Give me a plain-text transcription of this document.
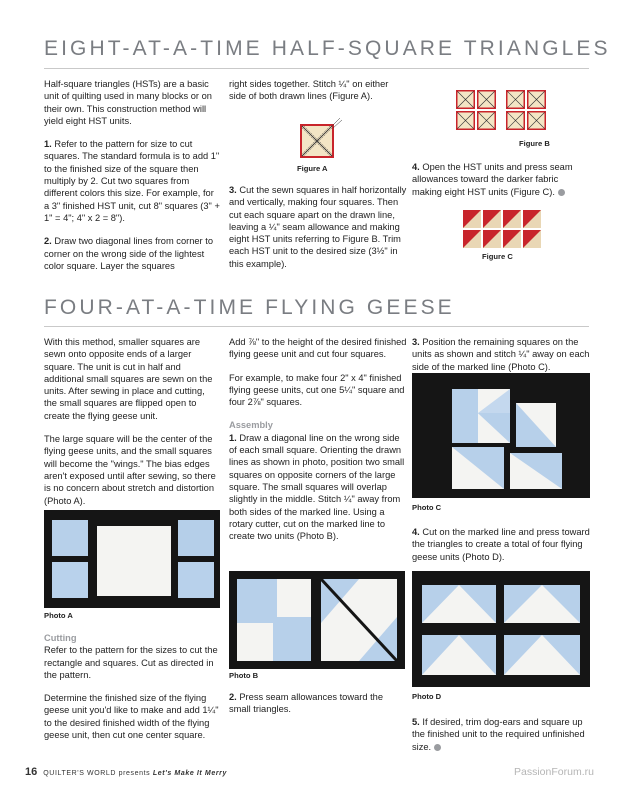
EIGHT-AT-A-TIME HALF-SQUARE TRIANGLES

Half-square triangles (HSTs) are a basic unit of quilting used in many blocks or on their own. This construction method will yield eight HST units.

1. Refer to the pattern for size to cut squares. The standard formula is to add 1" to the finished size of the square then multiply by 2. Cut two squares from different colors this size. For example, for a 3" finished HST unit, cut 8" squares (3" + 1" = 4"; 4" x 2 = 8").

2. Draw two diagonal lines from corner to corner on the wrong side of the lightest color square. Layer the squares

right sides together. Stitch ¼" on either side of both drawn lines (Figure A).

Figure A

3. Cut the sewn squares in half horizontally and vertically, making four squares. Then cut each square apart on the drawn line, leaving a ¼" seam allowance and making eight HST units referring to Figure B. Trim each HST unit to the desired size (3½" in this example).

Figure B

4. Open the HST units and press seam allowances toward the darker fabric making eight HST units (Figure C).

Figure C
FOUR-AT-A-TIME FLYING GEESE

With this method, smaller squares are sewn onto opposite ends of a larger square. The unit is cut in half and additional small squares are sewn on the units. After sewing in place and cutting, the small squares are flipped open to create the flying geese unit.

The large square will be the center of the flying geese units, and the small squares will become the "wings." The bias edges aren't exposed until after sewing, so there is no concern about stretch and distortion (Photo A).

Photo A
Cutting

Refer to the pattern for the sizes to cut the rectangle and squares. Cut as directed in the pattern.

Determine the finished size of the flying geese unit you'd like to make and add 1¼" to the desired finished width of the flying geese unit, then cut one center square.

Add ⅞" to the height of the desired finished flying geese unit and cut four squares.

For example, to make four 2" x 4" finished flying geese units, cut one 5¼" square and four 2⅞" squares.

Assembly

1. Draw a diagonal line on the wrong side of each small square. Orienting the drawn lines as shown in photo, position two small squares on opposite corners of the large square. The small squares will overlap slightly in the middle. Stitch ¼" away from both sides of the marked line. Using a rotary cutter, cut on the marked line to create two units (Photo B).

Photo B

2. Press seam allowances toward the small triangles.

3. Position the remaining squares on the units as shown and stitch ¼" away on each side of the marked line (Photo C).

Photo C

4. Cut on the marked line and press toward the triangles to create a total of four flying geese units (Photo D).

Photo D

5. If desired, trim dog-ears and square up the finished unit to the required unfinished size.

16 QUILTER'S WORLD presents Let's Make It Merry	PassionForum.ru
